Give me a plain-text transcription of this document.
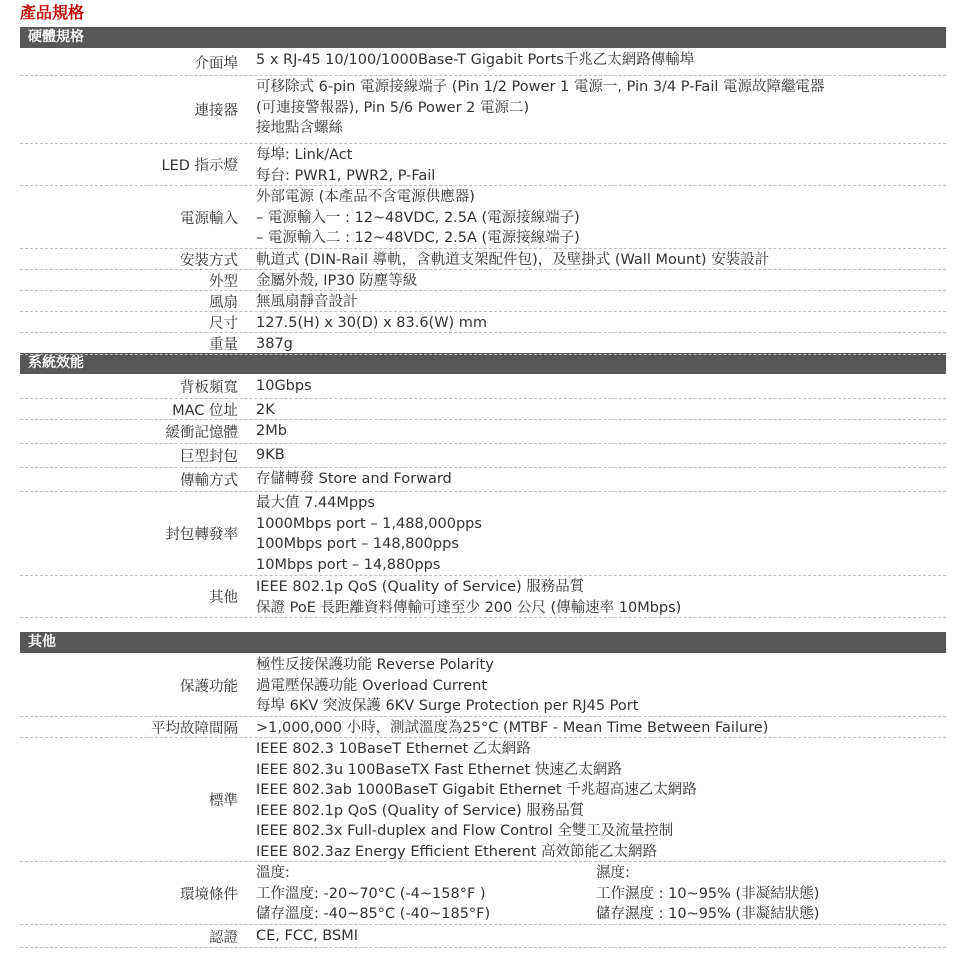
產品規格
硬體規格
系統效能
其他
介面埠 5 x RJ-45 10/100/1000Base-T Gigabit Ports千兆乙太網路傳輸埠
連接器
可移除式 6-pin 電源接線端子 (Pin 1/2 Power 1 電源一, Pin 3/4 P-Fail 電源故障繼電器
(可連接警報器), Pin 5/6 Power 2 電源二)
接地點含螺絲
LED 指示燈
每埠: Link/Act
每台: PWR1, PWR2, P-Fail
電源輸入
外部電源 (本產品不含電源供應器)
– 電源輸入一 : 12~48VDC, 2.5A (電源接線端子)
– 電源輸入二 : 12~48VDC, 2.5A (電源接線端子)
安裝方式 軌道式 (DIN-Rail 導軌，含軌道支架配件包)，及壁掛式 (Wall Mount) 安裝設計
外型 金屬外殼, IP30 防塵等級
風扇 無風扇靜音設計
尺寸 127.5(H) x 30(D) x 83.6(W) mm
重量 387g
背板頻寬 10Gbps
MAC 位址 2K
緩衝記憶體 2Mb
巨型封包 9KB
傳輸方式 存儲轉發 Store and Forward
封包轉發率
最大值 7.44Mpps
1000Mbps port – 1,488,000pps
100Mbps port – 148,800pps
10Mbps port – 14,880pps
其他
IEEE 802.1p QoS (Quality of Service) 服務品質
保證 PoE 長距離資料傳輸可達至少 200 公尺 (傳輸速率 10Mbps)
保護功能
極性反接保護功能 Reverse Polarity
過電壓保護功能 Overload Current
每埠 6KV 突波保護 6KV Surge Protection per RJ45 Port
平均故障間隔 >1,000,000 小時，測試溫度為25°C (MTBF - Mean Time Between Failure)
標準
IEEE 802.3 10BaseT Ethernet 乙太網路
IEEE 802.3u 100BaseTX Fast Ethernet 快速乙太網路
IEEE 802.3ab 1000BaseT Gigabit Ethernet 千兆超高速乙太網路
IEEE 802.1p QoS (Quality of Service) 服務品質
IEEE 802.3x Full-duplex and Flow Control 全雙工及流量控制
IEEE 802.3az Energy Efficient Etherent 高效節能乙太網路
環境條件
溫度:
工作溫度: -20~70°C (-4~158°F )
儲存溫度: -40~85°C (-40~185°F)
濕度:
工作濕度 : 10~95% (非凝結狀態)
儲存濕度 : 10~95% (非凝結狀態)
認證 CE, FCC, BSMI
